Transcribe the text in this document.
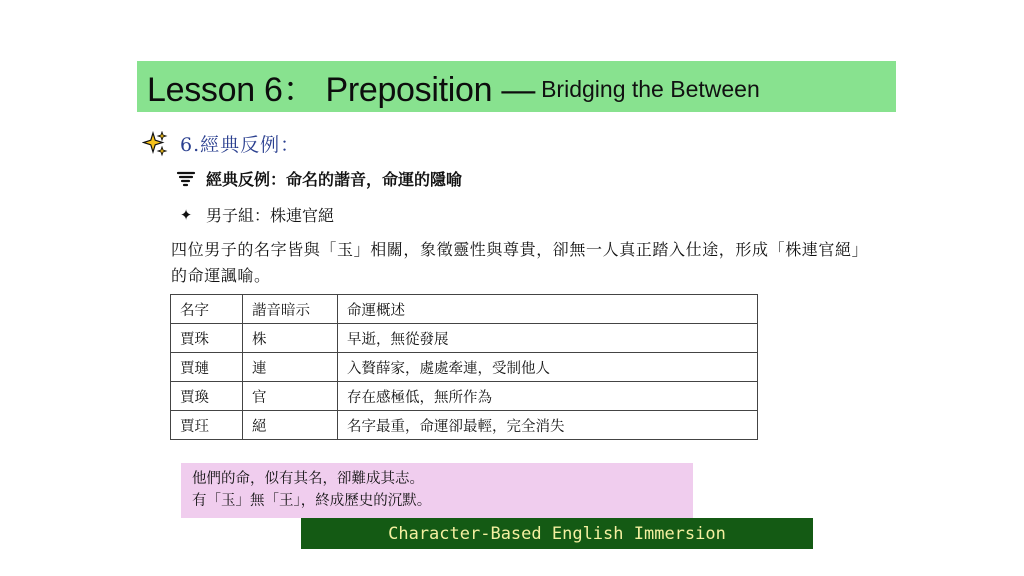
Lesson 6： Preposition — Bridging the Between
6.經典反例：
經典反例：命名的諧音，命運的隱喻
✦ 男子組：株連官絕
四位男子的名字皆與「玉」相關，象徵靈性與尊貴，卻無一人真正踏入仕途，形成「株連官絕」的命運諷喻。
名字	諧音暗示	命運概述
賈珠	株	早逝，無從發展
賈璉	連	入贅薛家，處處牽連，受制他人
賈瑍	官	存在感極低，無所作為
賈玨	絕	名字最重，命運卻最輕，完全消失
他們的命，似有其名，卻難成其志。
有「玉」無「王」，終成歷史的沉默。
Character-Based English Immersion
